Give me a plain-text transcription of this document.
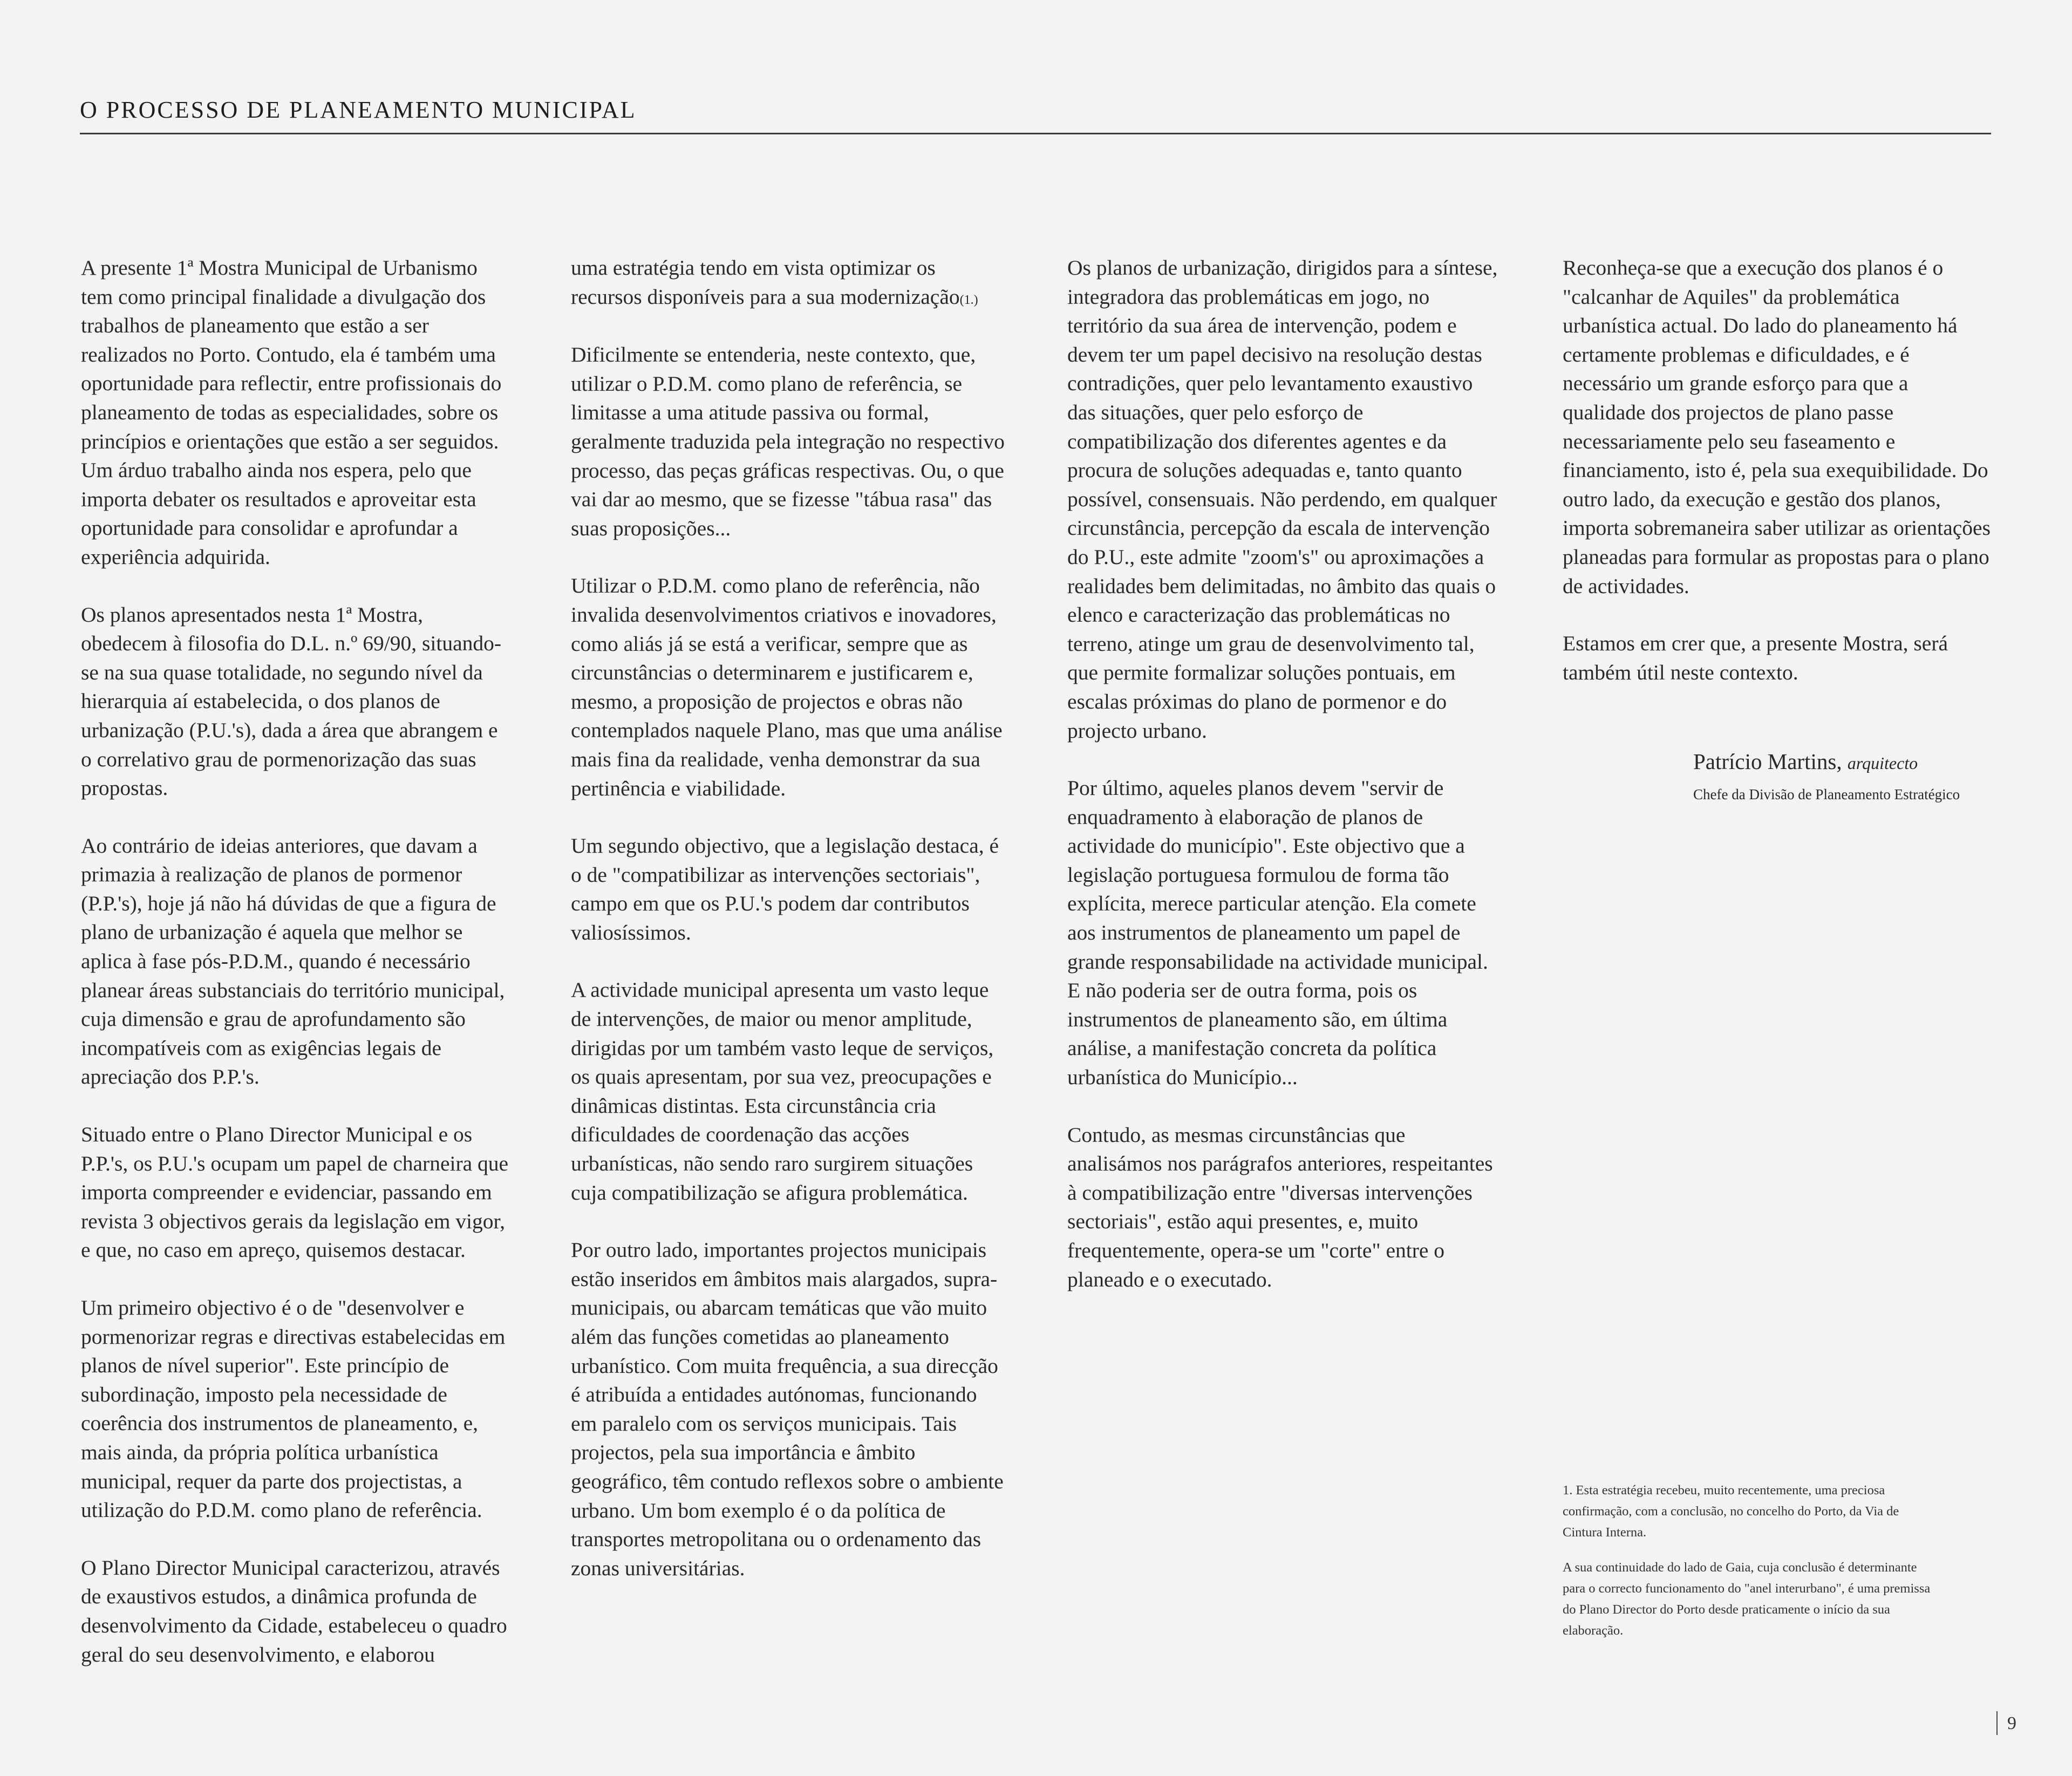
O PROCESSO DE PLANEAMENTO MUNICIPAL

A presente 1ª Mostra Municipal de Urbanismo tem como principal finalidade a divulgação dos trabalhos de planeamento que estão a ser realizados no Porto. Contudo, ela é também uma oportunidade para reflectir, entre profissionais do planeamento de todas as especialidades, sobre os princípios e orientações que estão a ser seguidos. Um árduo trabalho ainda nos espera, pelo que importa debater os resultados e aproveitar esta oportunidade para consolidar e aprofundar a experiência adquirida.

Os planos apresentados nesta 1ª Mostra, obedecem à filosofia do D.L. n.º 69/90, situando-se na sua quase totalidade, no segundo nível da hierarquia aí estabelecida, o dos planos de urbanização (P.U.'s), dada a área que abrangem e o correlativo grau de pormenorização das suas propostas.

Ao contrário de ideias anteriores, que davam a primazia à realização de planos de pormenor (P.P.'s), hoje já não há dúvidas de que a figura de plano de urbanização é aquela que melhor se aplica à fase pós-P.D.M., quando é necessário planear áreas substanciais do território municipal, cuja dimensão e grau de aprofundamento são incompatíveis com as exigências legais de apreciação dos P.P.'s.

Situado entre o Plano Director Municipal e os P.P.'s, os P.U.'s ocupam um papel de charneira que importa compreender e evidenciar, passando em revista 3 objectivos gerais da legislação em vigor, e que, no caso em apreço, quisemos destacar.

Um primeiro objectivo é o de "desenvolver e pormenorizar regras e directivas estabelecidas em planos de nível superior". Este princípio de subordinação, imposto pela necessidade de coerência dos instrumentos de planeamento, e, mais ainda, da própria política urbanística municipal, requer da parte dos projectistas, a utilização do P.D.M. como plano de referência.

O Plano Director Municipal caracterizou, através de exaustivos estudos, a dinâmica profunda de desenvolvimento da Cidade, estabeleceu o quadro geral do seu desenvolvimento, e elaborou

uma estratégia tendo em vista optimizar os recursos disponíveis para a sua modernização(1.)

Dificilmente se entenderia, neste contexto, que, utilizar o P.D.M. como plano de referência, se limitasse a uma atitude passiva ou formal, geralmente traduzida pela integração no respectivo processo, das peças gráficas respectivas. Ou, o que vai dar ao mesmo, que se fizesse "tábua rasa" das suas proposições...

Utilizar o P.D.M. como plano de referência, não invalida desenvolvimentos criativos e inovadores, como aliás já se está a verificar, sempre que as circunstâncias o determinarem e justificarem e, mesmo, a proposição de projectos e obras não contemplados naquele Plano, mas que uma análise mais fina da realidade, venha demonstrar da sua pertinência e viabilidade.

Um segundo objectivo, que a legislação destaca, é o de "compatibilizar as intervenções sectoriais", campo em que os P.U.'s podem dar contributos valiosíssimos.

A actividade municipal apresenta um vasto leque de intervenções, de maior ou menor amplitude, dirigidas por um também vasto leque de serviços, os quais apresentam, por sua vez, preocupações e dinâmicas distintas. Esta circunstância cria dificuldades de coordenação das acções urbanísticas, não sendo raro surgirem situações cuja compatibilização se afigura problemática.

Por outro lado, importantes projectos municipais estão inseridos em âmbitos mais alargados, supra-municipais, ou abarcam temáticas que vão muito além das funções cometidas ao planeamento urbanístico. Com muita frequência, a sua direcção é atribuída a entidades autónomas, funcionando em paralelo com os serviços municipais. Tais projectos, pela sua importância e âmbito geográfico, têm contudo reflexos sobre o ambiente urbano. Um bom exemplo é o da política de transportes metropolitana ou o ordenamento das zonas universitárias.

Os planos de urbanização, dirigidos para a síntese, integradora das problemáticas em jogo, no território da sua área de intervenção, podem e devem ter um papel decisivo na resolução destas contradições, quer pelo levantamento exaustivo das situações, quer pelo esforço de compatibilização dos diferentes agentes e da procura de soluções adequadas e, tanto quanto possível, consensuais. Não perdendo, em qualquer circunstância, percepção da escala de intervenção do P.U., este admite "zoom's" ou aproximações a realidades bem delimitadas, no âmbito das quais o elenco e caracterização das problemáticas no terreno, atinge um grau de desenvolvimento tal, que permite formalizar soluções pontuais, em escalas próximas do plano de pormenor e do projecto urbano.

Por último, aqueles planos devem "servir de enquadramento à elaboração de planos de actividade do município". Este objectivo que a legislação portuguesa formulou de forma tão explícita, merece particular atenção. Ela comete aos instrumentos de planeamento um papel de grande responsabilidade na actividade municipal. E não poderia ser de outra forma, pois os instrumentos de planeamento são, em última análise, a manifestação concreta da política urbanística do Município...

Contudo, as mesmas circunstâncias que analisámos nos parágrafos anteriores, respeitantes à compatibilização entre "diversas intervenções sectoriais", estão aqui presentes, e, muito frequentemente, opera-se um "corte" entre o planeado e o executado.

Reconheça-se que a execução dos planos é o "calcanhar de Aquiles" da problemática urbanística actual. Do lado do planeamento há certamente problemas e dificuldades, e é necessário um grande esforço para que a qualidade dos projectos de plano passe necessariamente pelo seu faseamento e financiamento, isto é, pela sua exequibilidade. Do outro lado, da execução e gestão dos planos, importa sobremaneira saber utilizar as orientações planeadas para formular as propostas para o plano de actividades.

Estamos em crer que, a presente Mostra, será também útil neste contexto.

Patrício Martins, arquitecto
Chefe da Divisão de Planeamento Estratégico

1. Esta estratégia recebeu, muito recentemente, uma preciosa confirmação, com a conclusão, no concelho do Porto, da Via de Cintura Interna.

A sua continuidade do lado de Gaia, cuja conclusão é determinante para o correcto funcionamento do "anel interurbano", é uma premissa do Plano Director do Porto desde praticamente o início da sua elaboração.

9
